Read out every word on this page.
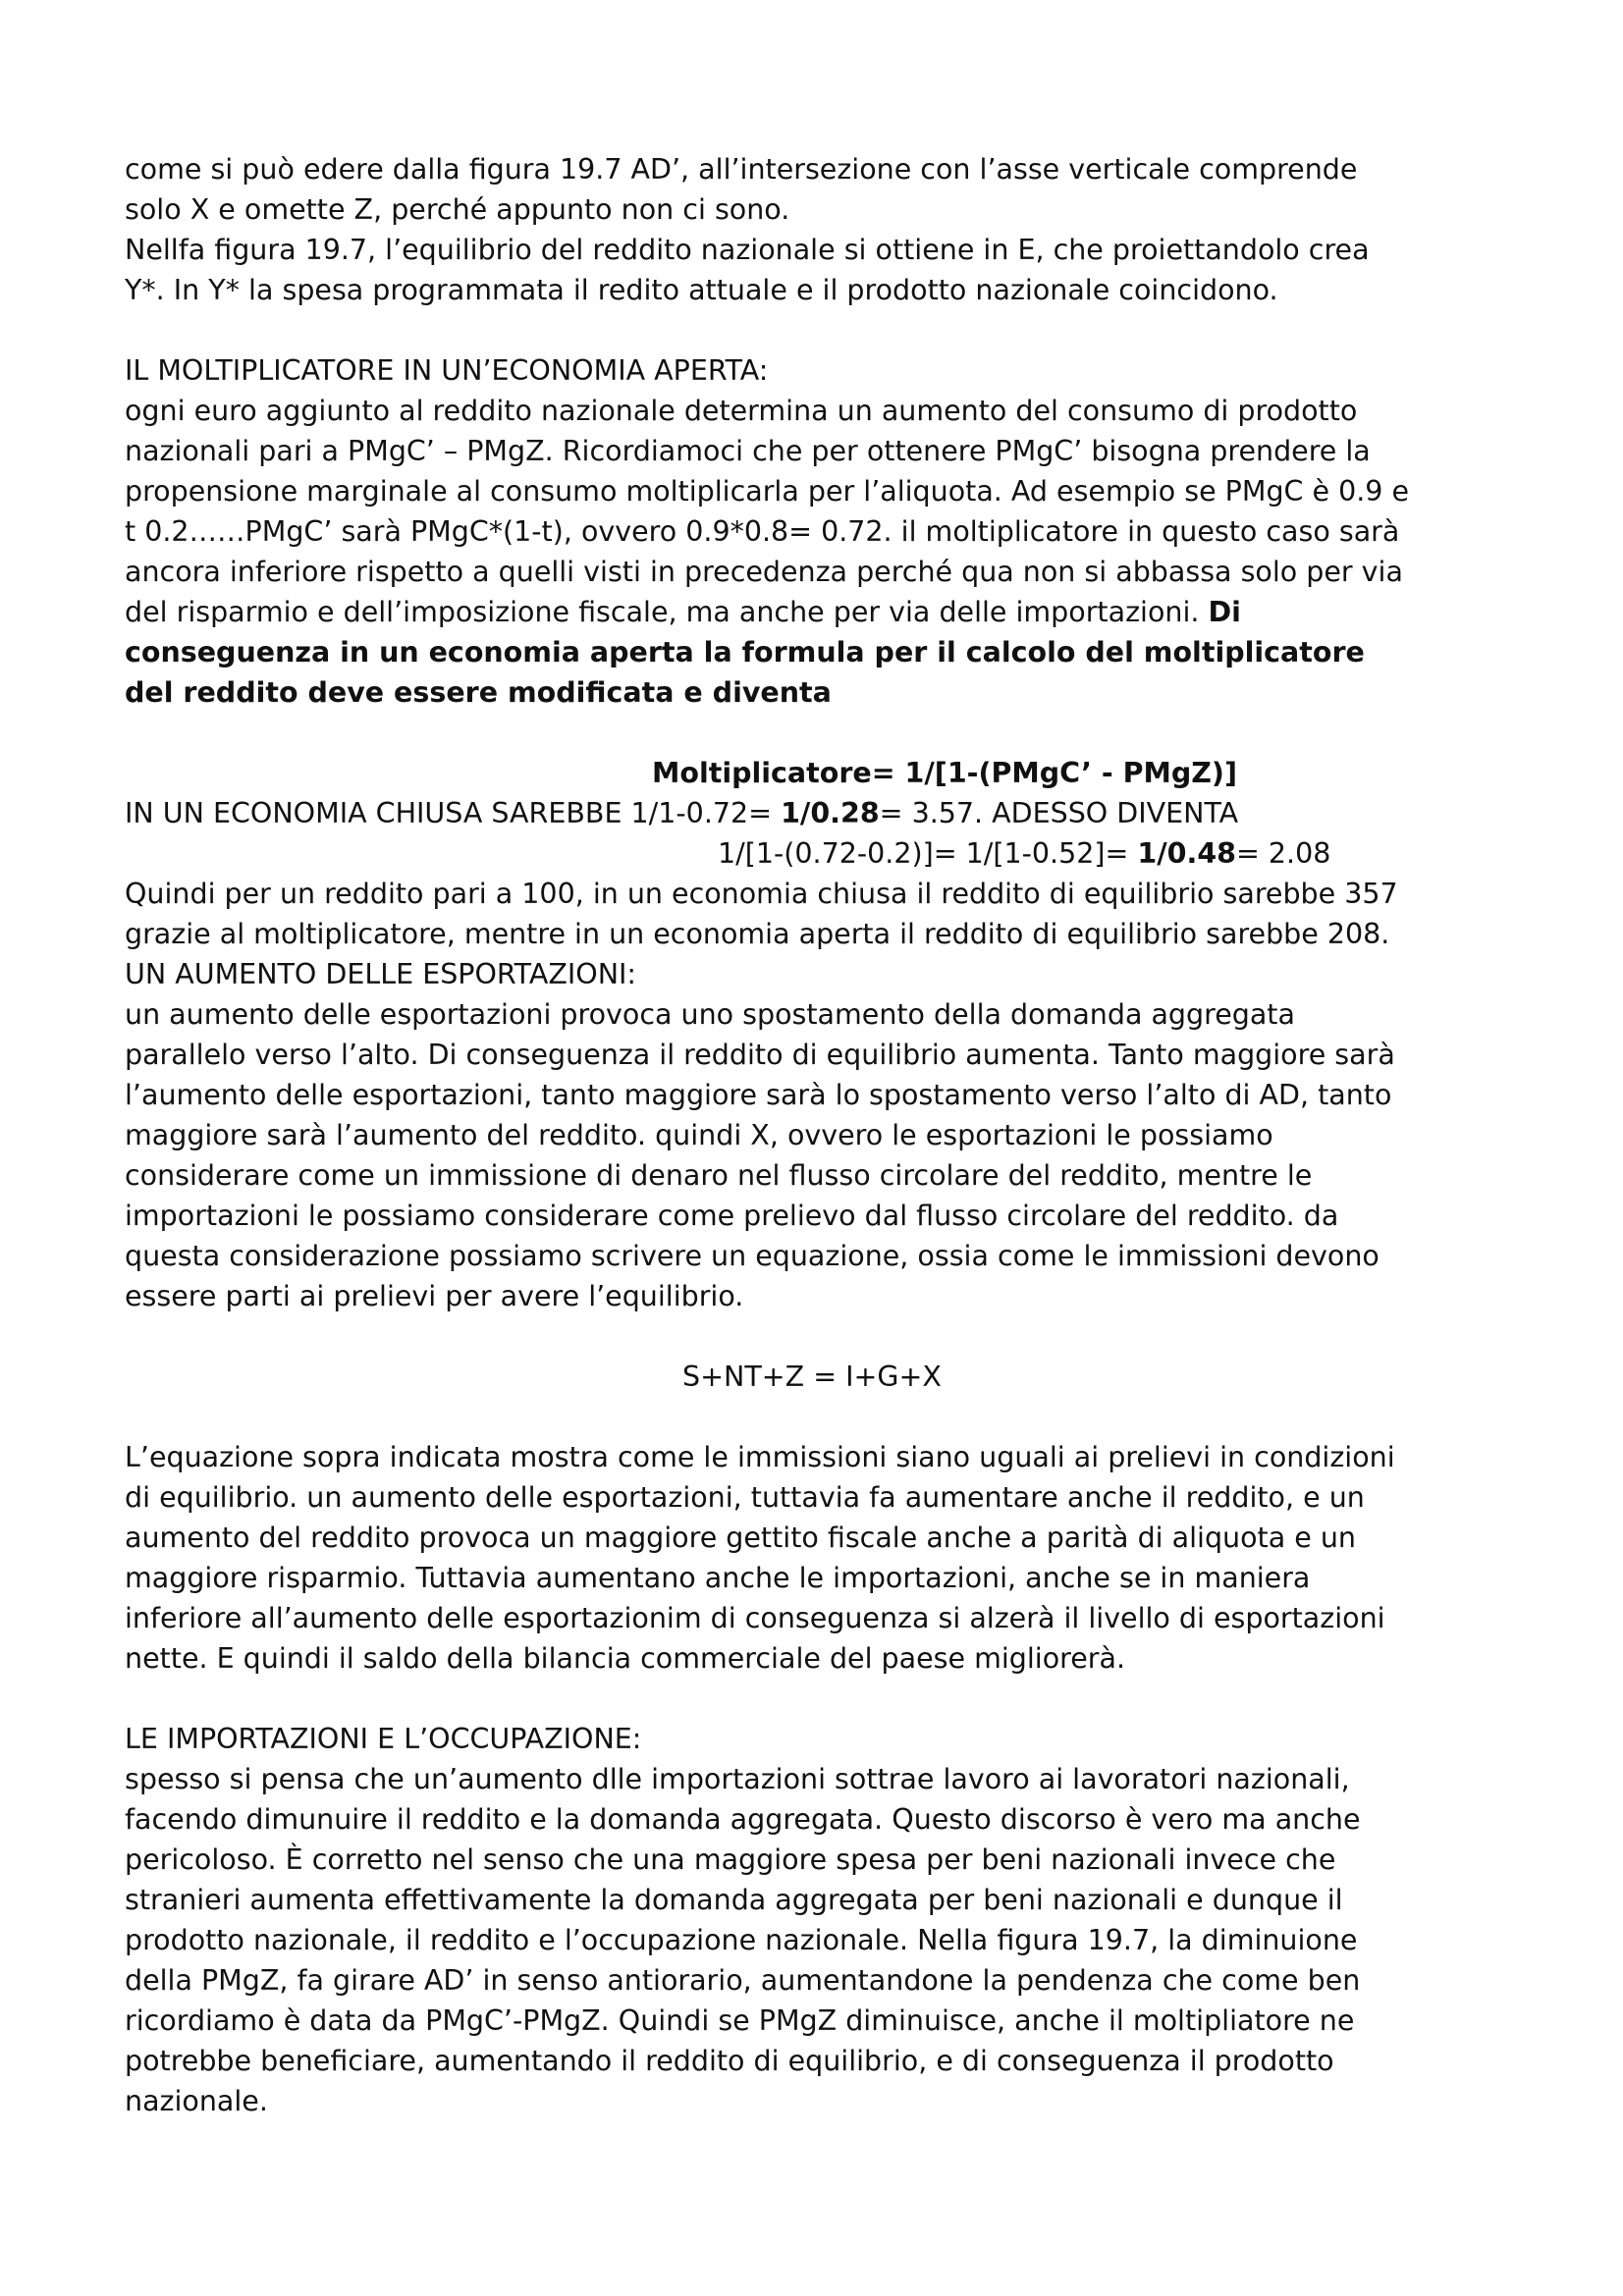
come si può edere dalla figura 19.7 AD’, all’intersezione con l’asse verticale comprende
solo X e omette Z, perché appunto non ci sono.
Nellfa figura 19.7, l’equilibrio del reddito nazionale si ottiene in E, che proiettandolo crea
Y*. In Y* la spesa programmata il redito attuale e il prodotto nazionale coincidono.
IL MOLTIPLICATORE IN UN’ECONOMIA APERTA:
ogni euro aggiunto al reddito nazionale determina un aumento del consumo di prodotto
nazionali pari a PMgC’ – PMgZ. Ricordiamoci che per ottenere PMgC’ bisogna prendere la
propensione marginale al consumo moltiplicarla per l’aliquota. Ad esempio se PMgC è 0.9 e
t 0.2……PMgC’ sarà PMgC*(1-t), ovvero 0.9*0.8= 0.72. il moltiplicatore in questo caso sarà
ancora inferiore rispetto a quelli visti in precedenza perché qua non si abbassa solo per via
del risparmio e dell’imposizione fiscale, ma anche per via delle importazioni. Di
conseguenza in un economia aperta la formula per il calcolo del moltiplicatore
del reddito deve essere modificata e diventa
Moltiplicatore= 1/[1-(PMgC’ - PMgZ)]
IN UN ECONOMIA CHIUSA SAREBBE 1/1-0.72= 1/0.28= 3.57. ADESSO DIVENTA
1/[1-(0.72-0.2)]= 1/[1-0.52]= 1/0.48= 2.08
Quindi per un reddito pari a 100, in un economia chiusa il reddito di equilibrio sarebbe 357
grazie al moltiplicatore, mentre in un economia aperta il reddito di equilibrio sarebbe 208.
UN AUMENTO DELLE ESPORTAZIONI:
un aumento delle esportazioni provoca uno spostamento della domanda aggregata
parallelo verso l’alto. Di conseguenza il reddito di equilibrio aumenta. Tanto maggiore sarà
l’aumento delle esportazioni, tanto maggiore sarà lo spostamento verso l’alto di AD, tanto
maggiore sarà l’aumento del reddito. quindi X, ovvero le esportazioni le possiamo
considerare come un immissione di denaro nel flusso circolare del reddito, mentre le
importazioni le possiamo considerare come prelievo dal flusso circolare del reddito. da
questa considerazione possiamo scrivere un equazione, ossia come le immissioni devono
essere parti ai prelievi per avere l’equilibrio.
S+NT+Z = I+G+X
L’equazione sopra indicata mostra come le immissioni siano uguali ai prelievi in condizioni
di equilibrio. un aumento delle esportazioni, tuttavia fa aumentare anche il reddito, e un
aumento del reddito provoca un maggiore gettito fiscale anche a parità di aliquota e un
maggiore risparmio. Tuttavia aumentano anche le importazioni, anche se in maniera
inferiore all’aumento delle esportazionim di conseguenza si alzerà il livello di esportazioni
nette. E quindi il saldo della bilancia commerciale del paese migliorerà.
LE IMPORTAZIONI E L’OCCUPAZIONE:
spesso si pensa che un’aumento dlle importazioni sottrae lavoro ai lavoratori nazionali,
facendo dimunuire il reddito e la domanda aggregata. Questo discorso è vero ma anche
pericoloso. È corretto nel senso che una maggiore spesa per beni nazionali invece che
stranieri aumenta effettivamente la domanda aggregata per beni nazionali e dunque il
prodotto nazionale, il reddito e l’occupazione nazionale. Nella figura 19.7, la diminuione
della PMgZ, fa girare AD’ in senso antiorario, aumentandone la pendenza che come ben
ricordiamo è data da PMgC’-PMgZ. Quindi se PMgZ diminuisce, anche il moltipliatore ne
potrebbe beneficiare, aumentando il reddito di equilibrio, e di conseguenza il prodotto
nazionale.
